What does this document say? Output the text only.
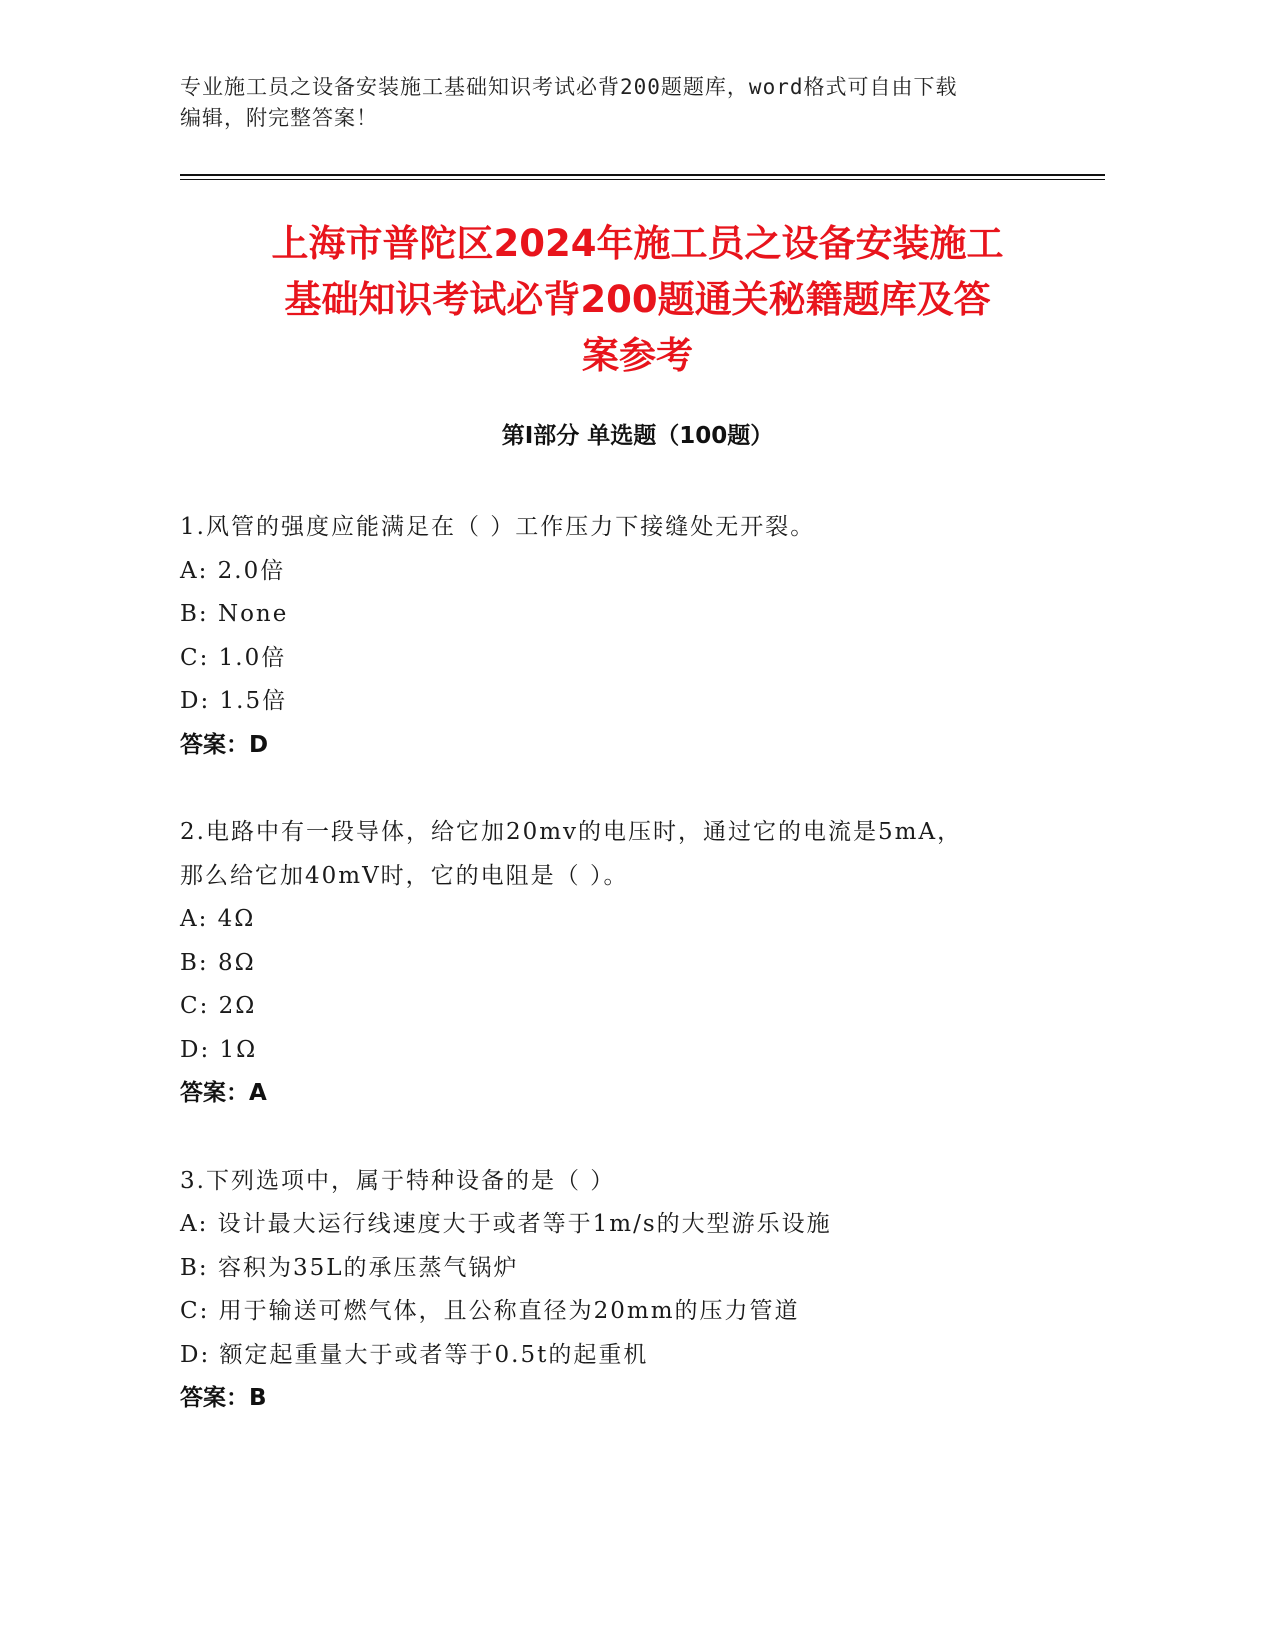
专业施工员之设备安装施工基础知识考试必背200题题库，word格式可自由下载
编辑，附完整答案！
上海市普陀区2024年施工员之设备安装施工
基础知识考试必背200题通关秘籍题库及答
案参考
第Ⅰ部分 单选题（100题）
1.风管的强度应能满足在（ ）工作压力下接缝处无开裂。
A: 2.0倍
B: None
C: 1.0倍
D: 1.5倍
答案：D
2.电路中有一段导体，给它加20mv的电压时，通过它的电流是5mA，
那么给它加40mV时，它的电阻是（ ）。
A: 4Ω
B: 8Ω
C: 2Ω
D: 1Ω
答案：A
3.下列选项中，属于特种设备的是（ ）
A: 设计最大运行线速度大于或者等于1m/s的大型游乐设施
B: 容积为35L的承压蒸气锅炉
C: 用于输送可燃气体，且公称直径为20mm的压力管道
D: 额定起重量大于或者等于0.5t的起重机
答案：B
